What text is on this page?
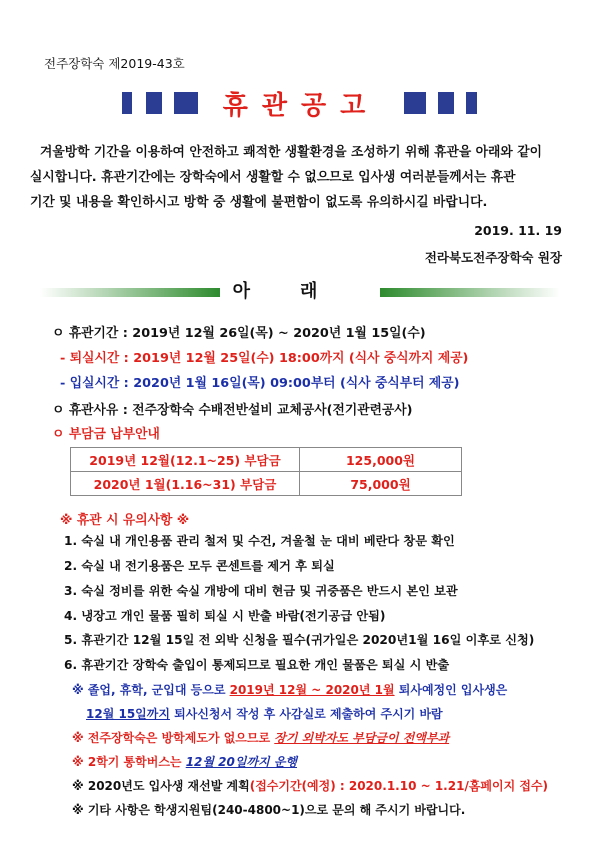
전주장학숙 제2019-43호
휴관공고
겨울방학 기간을 이용하여 안전하고 쾌적한 생활환경을 조성하기 위해 휴관을 아래와 같이
실시합니다. 휴관기간에는 장학숙에서 생활할 수 없으므로 입사생 여러분들께서는 휴관
기간 및 내용을 확인하시고 방학 중 생활에 불편함이 없도록 유의하시길 바랍니다.
2019. 11. 19
전라북도전주장학숙 원장
아래
ㅇ 휴관기간 : 2019년 12월 26일(목) ~ 2020년 1월 15일(수)
- 퇴실시간 : 2019년 12월 25일(수) 18:00까지 (식사 중식까지 제공)
- 입실시간 : 2020년 1월 16일(목) 09:00부터 (식사 중식부터 제공)
ㅇ 휴관사유 : 전주장학숙 수배전반설비 교체공사(전기관련공사)
ㅇ 부담금 납부안내
2019년 12월(12.1~25) 부담금	125,000원
2020년 1월(1.16~31) 부담금	75,000원
※ 휴관 시 유의사항 ※
1. 숙실 내 개인용품 관리 철저 및 수건, 겨울철 눈 대비 베란다 창문 확인
2. 숙실 내 전기용품은 모두 콘센트를 제거 후 퇴실
3. 숙실 정비를 위한 숙실 개방에 대비 현금 및 귀중품은 반드시 본인 보관
4. 냉장고 개인 물품 필히 퇴실 시 반출 바람(전기공급 안됨)
5. 휴관기간 12월 15일 전 외박 신청을 필수(귀가일은 2020년1월 16일 이후로 신청)
6. 휴관기간 장학숙 출입이 통제되므로 필요한 개인 물품은 퇴실 시 반출
※ 졸업, 휴학, 군입대 등으로 2019년 12월 ~ 2020년 1월 퇴사예정인 입사생은
12월 15일까지 퇴사신청서 작성 후 사감실로 제출하여 주시기 바람
※ 전주장학숙은 방학제도가 없으므로 장기 외박자도 부담금이 전액부과
※ 2학기 통학버스는 12월 20일까지 운행
※ 2020년도 입사생 재선발 계획(접수기간(예정) : 2020.1.10 ~ 1.21/홈페이지 접수)
※ 기타 사항은 학생지원팀(240-4800~1)으로 문의 해 주시기 바랍니다.
